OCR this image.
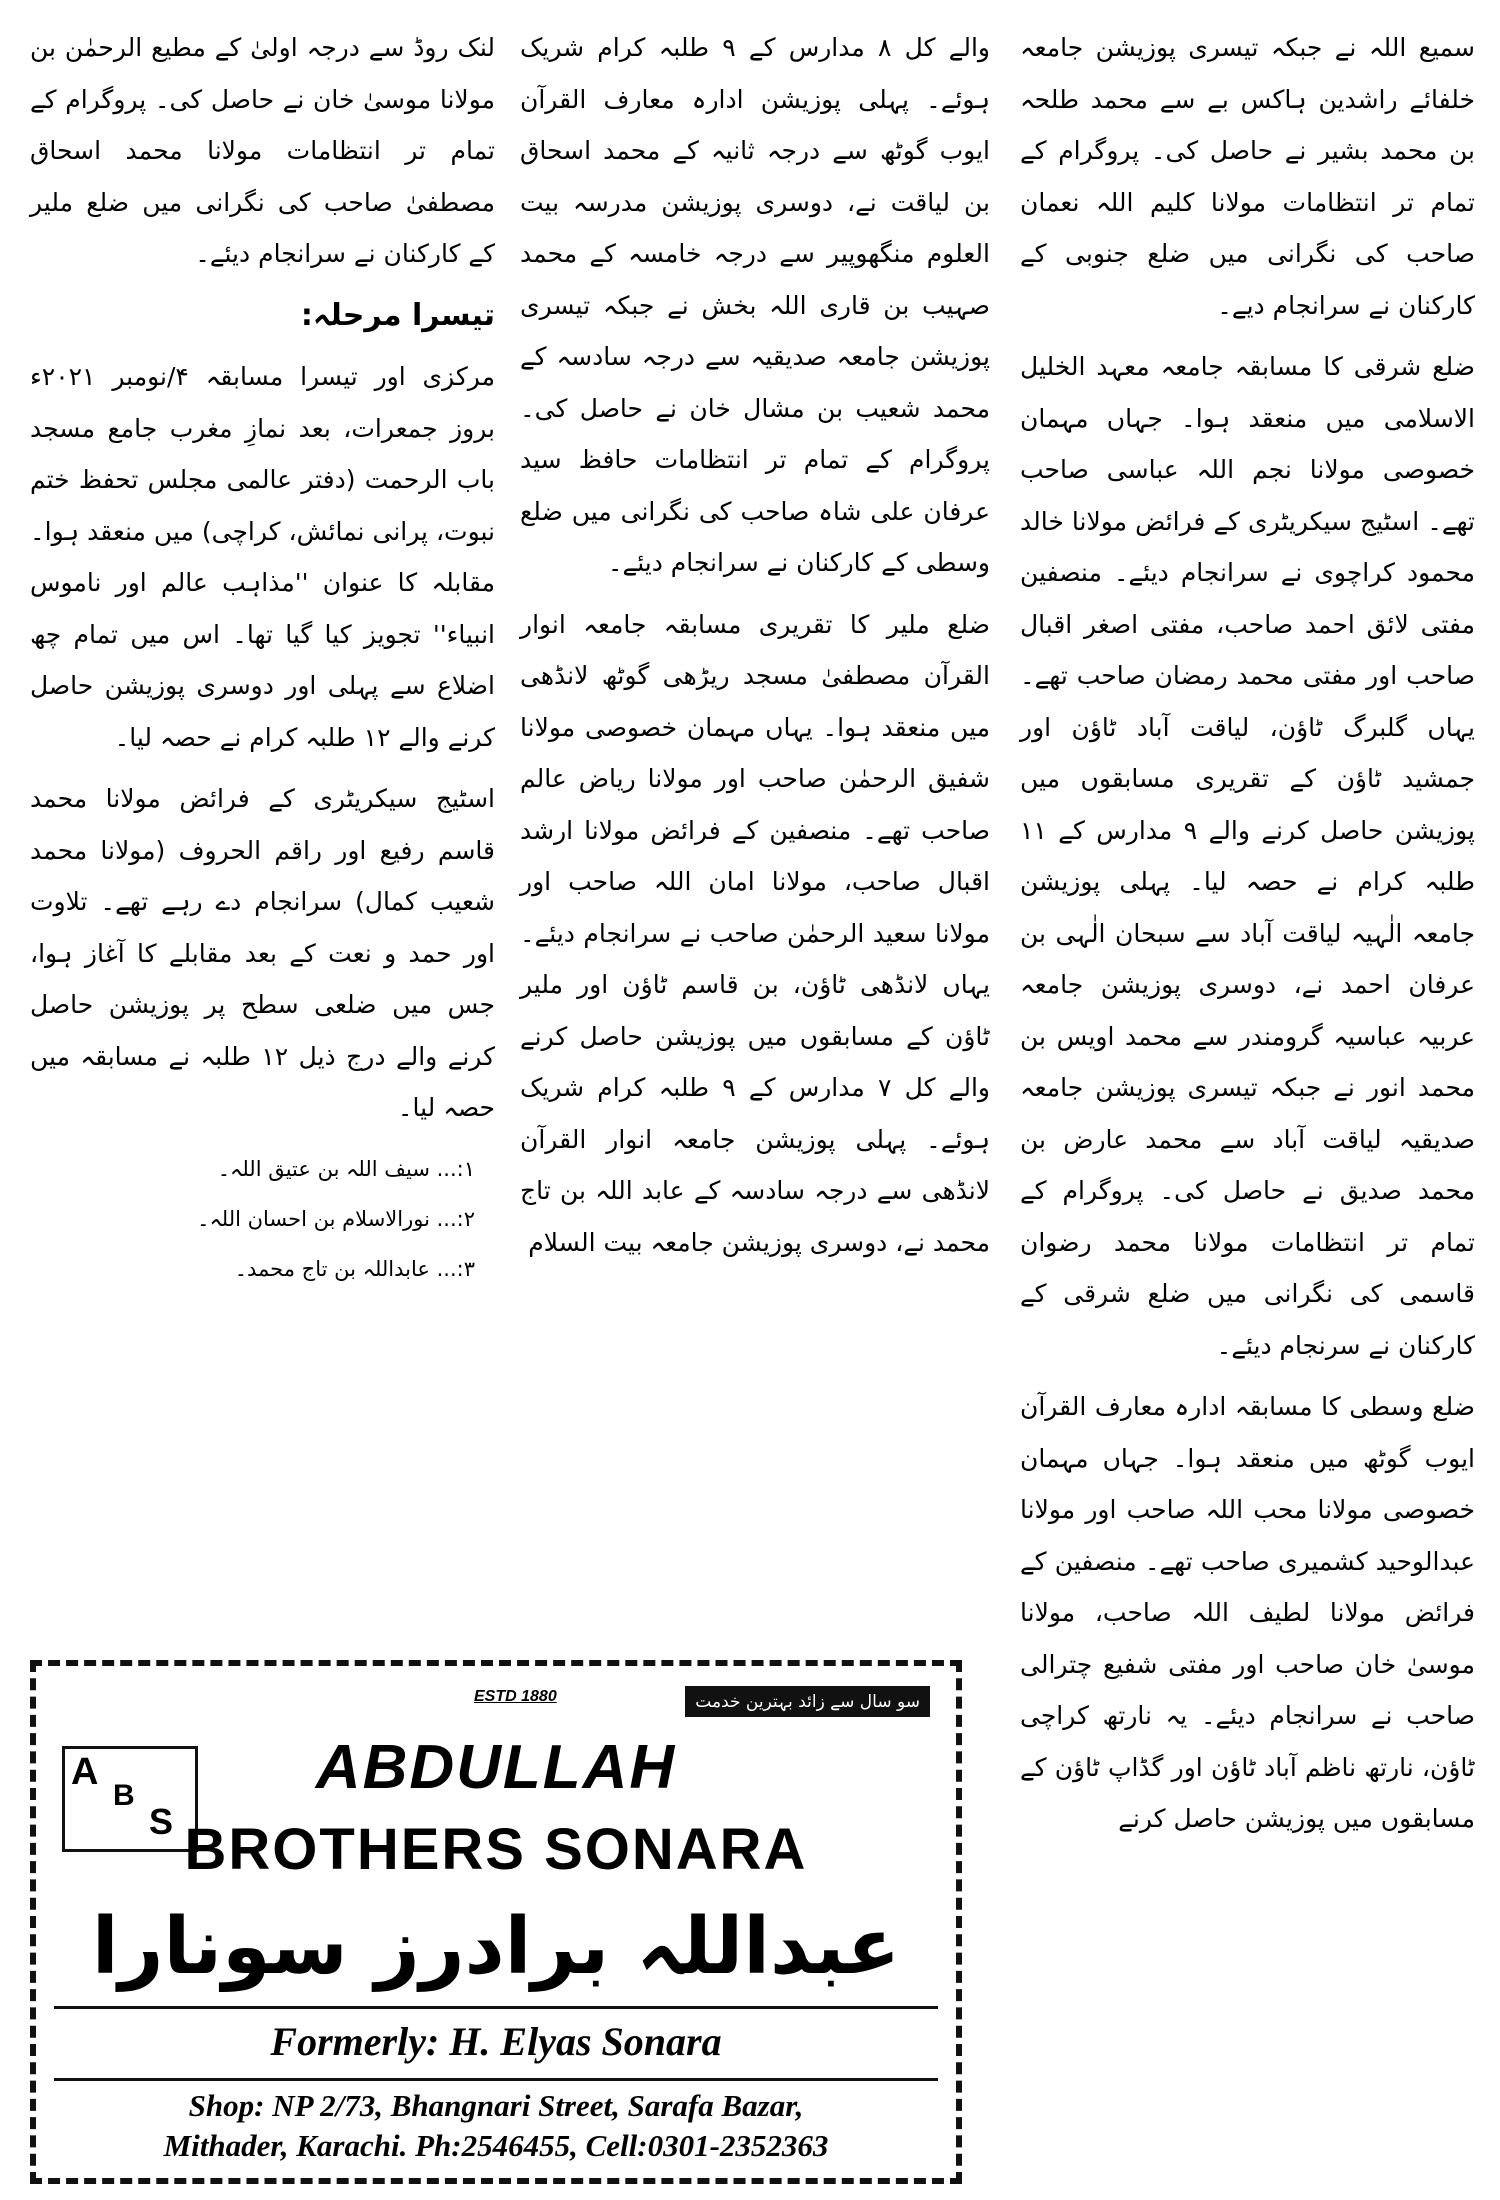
سمیع اللہ نے جبکہ تیسری پوزیشن جامعہ خلفائے راشدین ہاکس بے سے محمد طلحہ بن محمد بشیر نے حاصل کی۔ پروگرام کے تمام تر انتظامات مولانا کلیم اللہ نعمان صاحب کی نگرانی میں ضلع جنوبی کے کارکنان نے سرانجام دیے۔

ضلع شرقی کا مسابقہ جامعہ معہد الخلیل الاسلامی میں منعقد ہوا۔ جہاں مہمان خصوصی مولانا نجم اللہ عباسی صاحب تھے۔ اسٹیج سیکریٹری کے فرائض مولانا خالد محمود کراچوی نے سرانجام دیئے۔ منصفین مفتی لائق احمد صاحب، مفتی اصغر اقبال صاحب اور مفتی محمد رمضان صاحب تھے۔ یہاں گلبرگ ٹاؤن، لیاقت آباد ٹاؤن اور جمشید ٹاؤن کے تقریری مسابقوں میں پوزیشن حاصل کرنے والے ۹ مدارس کے ۱۱ طلبہ کرام نے حصہ لیا۔ پہلی پوزیشن جامعہ الٰہیہ لیاقت آباد سے سبحان الٰہی بن عرفان احمد نے، دوسری پوزیشن جامعہ عربیہ عباسیہ گرومندر سے محمد اویس بن محمد انور نے جبکہ تیسری پوزیشن جامعہ صدیقیہ لیاقت آباد سے محمد عارض بن محمد صدیق نے حاصل کی۔ پروگرام کے تمام تر انتظامات مولانا محمد رضوان قاسمی کی نگرانی میں ضلع شرقی کے کارکنان نے سرنجام دیئے۔

ضلع وسطی کا مسابقہ ادارہ معارف القرآن ایوب گوٹھ میں منعقد ہوا۔ جہاں مہمان خصوصی مولانا محب اللہ صاحب اور مولانا عبدالوحید کشمیری صاحب تھے۔ منصفین کے فرائض مولانا لطیف اللہ صاحب، مولانا موسیٰ خان صاحب اور مفتی شفیع چترالی صاحب نے سرانجام دیئے۔ یہ نارتھ کراچی ٹاؤن، نارتھ ناظم آباد ٹاؤن اور گڈاپ ٹاؤن کے مسابقوں میں پوزیشن حاصل کرنے

والے کل ۸ مدارس کے ۹ طلبہ کرام شریک ہوئے۔ پہلی پوزیشن ادارہ معارف القرآن ایوب گوٹھ سے درجہ ثانیہ کے محمد اسحاق بن لیاقت نے، دوسری پوزیشن مدرسہ بیت العلوم منگھوپیر سے درجہ خامسہ کے محمد صہیب بن قاری اللہ بخش نے جبکہ تیسری پوزیشن جامعہ صدیقیہ سے درجہ سادسہ کے محمد شعیب بن مشال خان نے حاصل کی۔ پروگرام کے تمام تر انتظامات حافظ سید عرفان علی شاہ صاحب کی نگرانی میں ضلع وسطی کے کارکنان نے سرانجام دیئے۔

ضلع ملیر کا تقریری مسابقہ جامعہ انوار القرآن مصطفیٰ مسجد ریڑھی گوٹھ لانڈھی میں منعقد ہوا۔ یہاں مہمان خصوصی مولانا شفیق الرحمٰن صاحب اور مولانا ریاض عالم صاحب تھے۔ منصفین کے فرائض مولانا ارشد اقبال صاحب، مولانا امان اللہ صاحب اور مولانا سعید الرحمٰن صاحب نے سرانجام دیئے۔ یہاں لانڈھی ٹاؤن، بن قاسم ٹاؤن اور ملیر ٹاؤن کے مسابقوں میں پوزیشن حاصل کرنے والے کل ۷ مدارس کے ۹ طلبہ کرام شریک ہوئے۔ پہلی پوزیشن جامعہ انوار القرآن لانڈھی سے درجہ سادسہ کے عابد اللہ بن تاج محمد نے، دوسری پوزیشن جامعہ بیت السلام

لنک روڈ سے درجہ اولیٰ کے مطیع الرحمٰن بن مولانا موسیٰ خان نے حاصل کی۔ پروگرام کے تمام تر انتظامات مولانا محمد اسحاق مصطفیٰ صاحب کی نگرانی میں ضلع ملیر کے کارکنان نے سرانجام دیئے۔

تیسرا مرحلہ:

مرکزی اور تیسرا مسابقہ ۴/نومبر ۲۰۲۱ء بروز جمعرات، بعد نمازِ مغرب جامع مسجد باب الرحمت (دفتر عالمی مجلس تحفظ ختم نبوت، پرانی نمائش، کراچی) میں منعقد ہوا۔ مقابلہ کا عنوان ''مذاہب عالم اور ناموس انبیاء'' تجویز کیا گیا تھا۔ اس میں تمام چھ اضلاع سے پہلی اور دوسری پوزیشن حاصل کرنے والے ۱۲ طلبہ کرام نے حصہ لیا۔

اسٹیج سیکریٹری کے فرائض مولانا محمد قاسم رفیع اور راقم الحروف (مولانا محمد شعیب کمال) سرانجام دے رہے تھے۔ تلاوت اور حمد و نعت کے بعد مقابلے کا آغاز ہوا، جس میں ضلعی سطح پر پوزیشن حاصل کرنے والے درج ذیل ۱۲ طلبہ نے مسابقہ میں حصہ لیا۔

۱:... سیف اللہ بن عتیق اللہ۔
۲:... نورالاسلام بن احسان اللہ۔
۳:... عابداللہ بن تاج محمد۔
سو سال سے زائد بہترین خدمت
ESTD 1880
A
B
S
ABDULLAH
BROTHERS SONARA
عبداللہ برادرز سونارا
Formerly: H. Elyas Sonara
Shop: NP 2/73, Bhangnari Street, Sarafa Bazar,
Mithader, Karachi. Ph:2546455, Cell:0301-2352363
